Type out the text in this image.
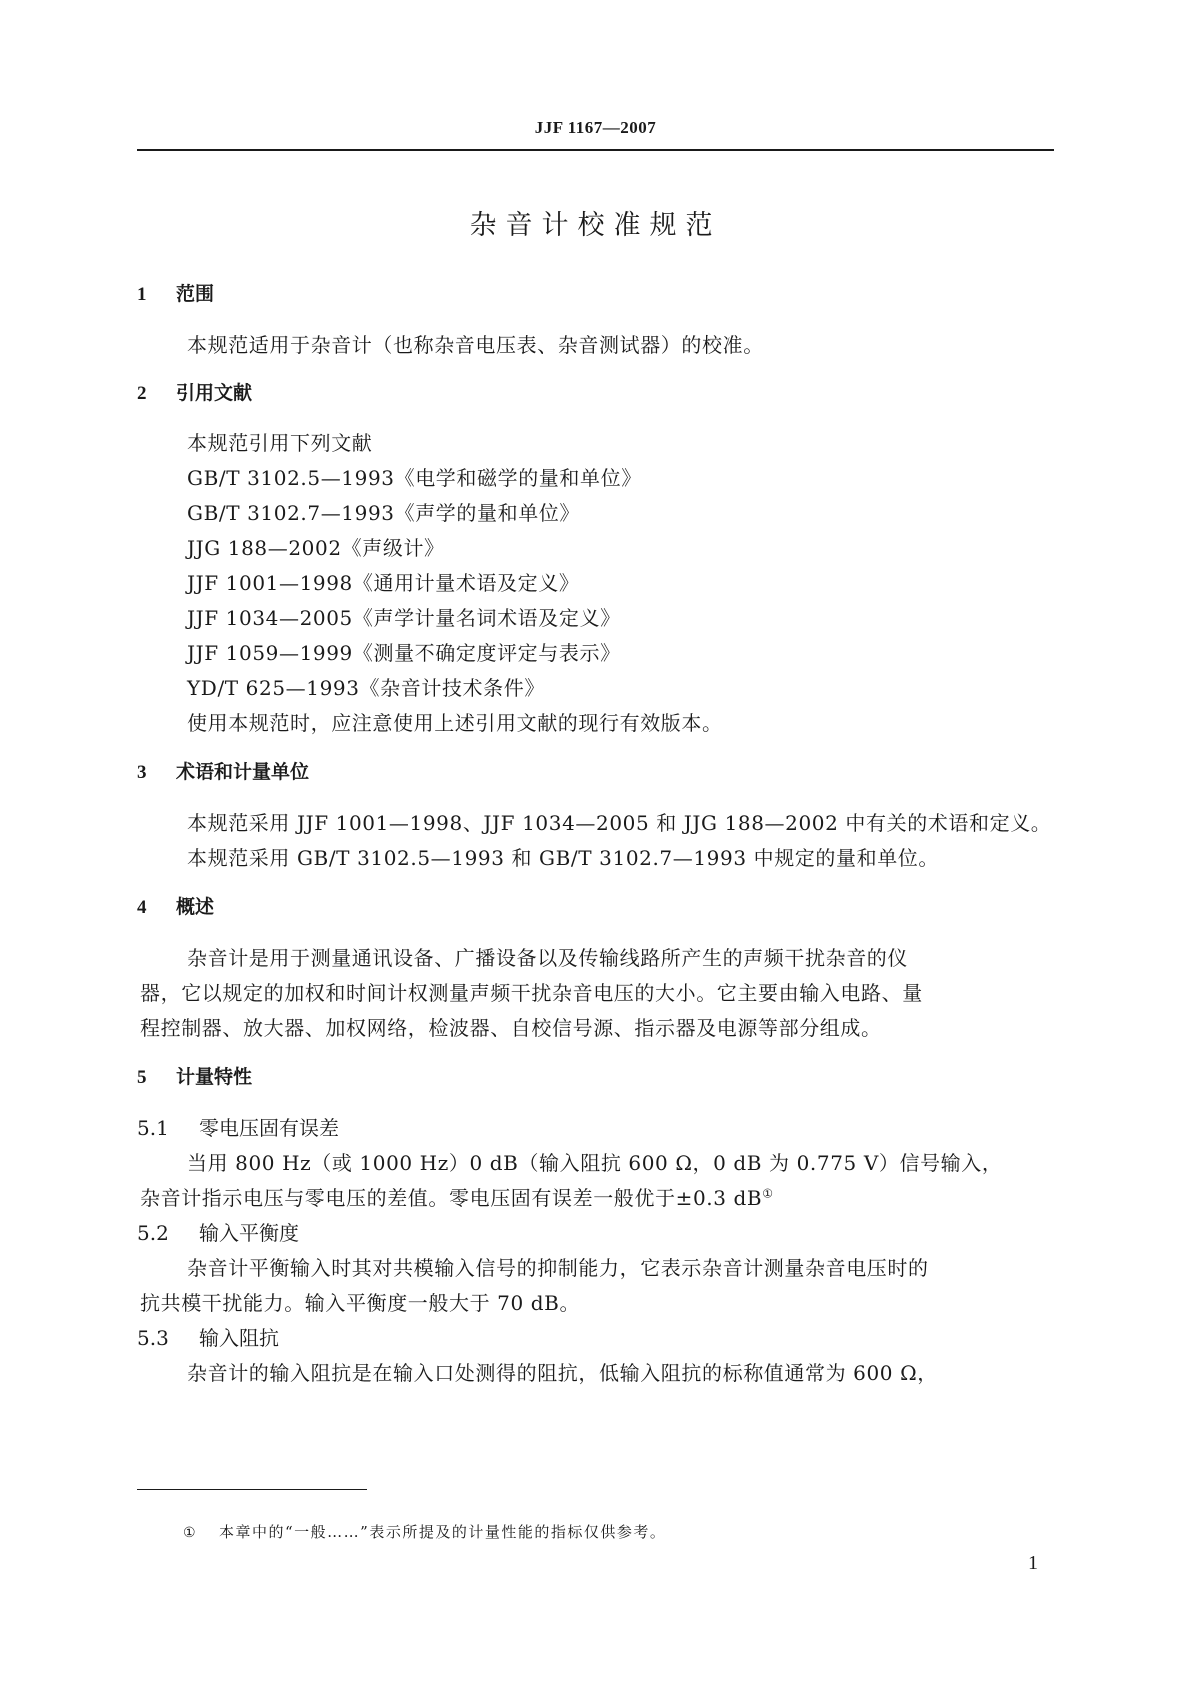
JJF 1167—2007
杂音计校准规范
1 范围
本规范适用于杂音计（也称杂音电压表、杂音测试器）的校准。
2 引用文献
本规范引用下列文献
GB/T 3102.5—1993《电学和磁学的量和单位》
GB/T 3102.7—1993《声学的量和单位》
JJG 188—2002《声级计》
JJF 1001—1998《通用计量术语及定义》
JJF 1034—2005《声学计量名词术语及定义》
JJF 1059—1999《测量不确定度评定与表示》
YD/T 625—1993《杂音计技术条件》
使用本规范时，应注意使用上述引用文献的现行有效版本。
3 术语和计量单位
本规范采用 JJF 1001—1998、JJF 1034—2005 和 JJG 188—2002 中有关的术语和定义。
本规范采用 GB/T 3102.5—1993 和 GB/T 3102.7—1993 中规定的量和单位。
4 概述
杂音计是用于测量通讯设备、广播设备以及传输线路所产生的声频干扰杂音的仪
器，它以规定的加权和时间计权测量声频干扰杂音电压的大小。它主要由输入电路、量
程控制器、放大器、加权网络，检波器、自校信号源、指示器及电源等部分组成。
5 计量特性
5.1 零电压固有误差
当用 800 Hz（或 1000 Hz）0 dB（输入阻抗 600 Ω，0 dB 为 0.775 V）信号输入，
杂音计指示电压与零电压的差值。零电压固有误差一般优于±0.3 dB①
5.2 输入平衡度
杂音计平衡输入时其对共模输入信号的抑制能力，它表示杂音计测量杂音电压时的
抗共模干扰能力。输入平衡度一般大于 70 dB。
5.3 输入阻抗
杂音计的输入阻抗是在输入口处测得的阻抗，低输入阻抗的标称值通常为 600 Ω，
① 本章中的“一般……”表示所提及的计量性能的指标仅供参考。
1
